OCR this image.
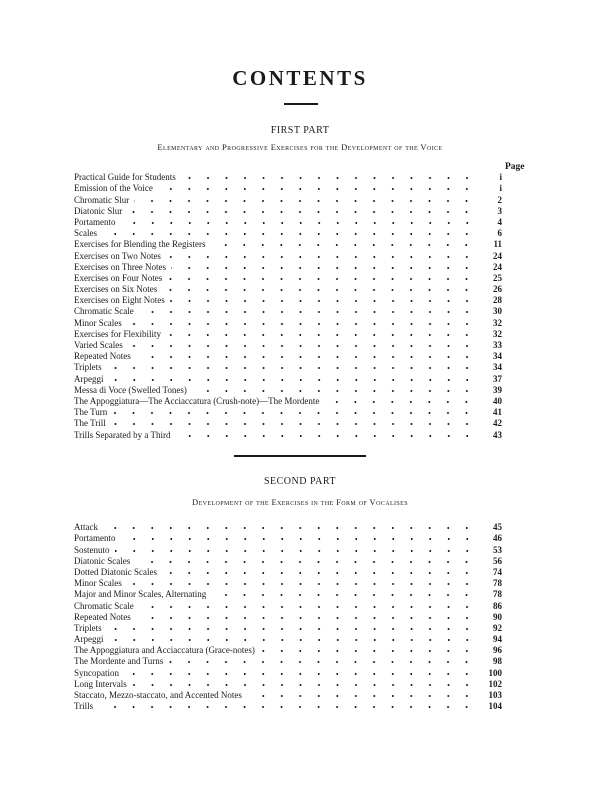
CONTENTS
FIRST PART
Elementary and Progressive Exercises for the Development of the Voice
Page
Practical Guide for Students	i
Emission of the Voice	i
Chromatic Slur	2
Diatonic Slur	3
Portamento	4
Scales	6
Exercises for Blending the Registers	11
Exercises on Two Notes	24
Exercises on Three Notes	24
Exercises on Four Notes	25
Exercises on Six Notes	26
Exercises on Eight Notes	28
Chromatic Scale	30
Minor Scales	32
Exercises for Flexibility	32
Varied Scales	33
Repeated Notes	34
Triplets	34
Arpeggi	37
Messa di Voce (Swelled Tones)	39
The Appoggiatura—The Acciaccatura (Crush-note)—The Mordente	40
The Turn	41
The Trill	42
Trills Separated by a Third	43
SECOND PART
Development of the Exercises in the Form of Vocalises
Attack	45
Portamento	46
Sostenuto	53
Diatonic Scales	56
Dotted Diatonic Scales	74
Minor Scales	78
Major and Minor Scales, Alternating	78
Chromatic Scale	86
Repeated Notes	90
Triplets	92
Arpeggi	94
The Appoggiatura and Acciaccatura (Grace-notes)	96
The Mordente and Turns	98
Syncopation	100
Long Intervals	102
Staccato, Mezzo-staccato, and Accented Notes	103
Trills	104
